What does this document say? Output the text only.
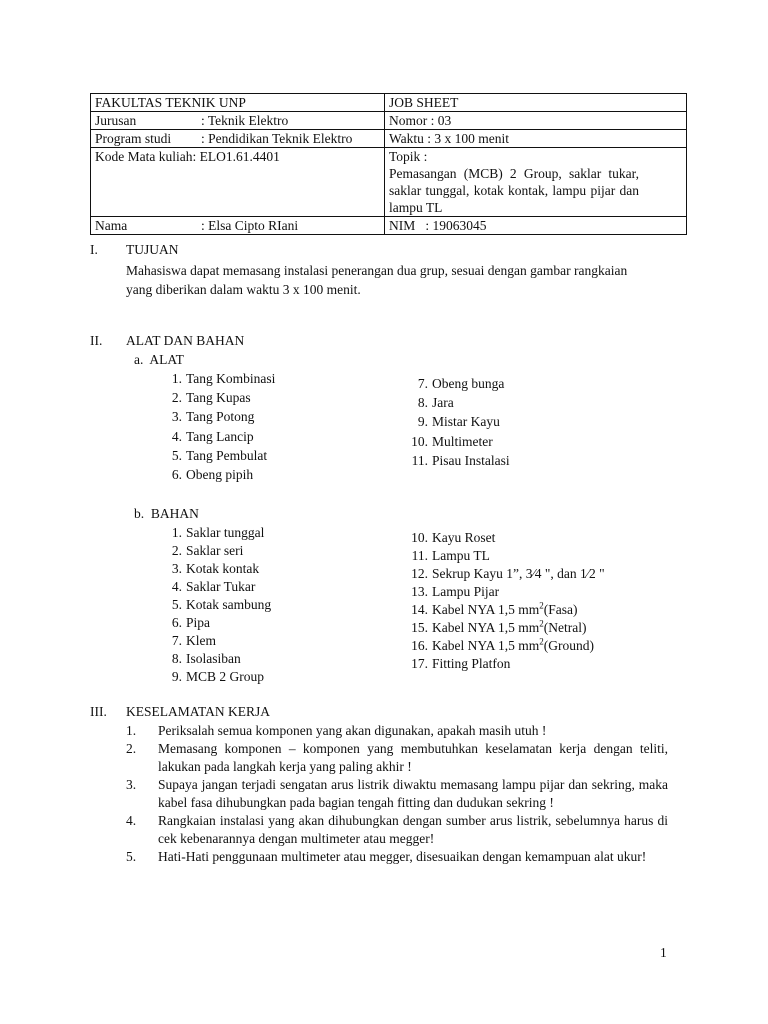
FAKULTAS TEKNIK UNP	JOB SHEET
Jurusan : Teknik Elektro	Nomor : 03
Program studi : Pendidikan Teknik Elektro	Waktu : 3 x 100 menit
Kode Mata kuliah: ELO1.61.4401	Topik :Pemasangan (MCB) 2 Group, saklar tukar, saklar tunggal, kotak kontak, lampu pijar dan lampu TL
Nama : Elsa Cipto RIani	NIM   : 19063045
I.	TUJUAN
Mahasiswa dapat memasang instalasi penerangan dua grup, sesuai dengan gambar rangkaian yang diberikan dalam waktu 3 x 100 menit.
II.	ALAT DAN BAHAN
a.  ALAT
1. Tang Kombinasi
2. Tang Kupas
3. Tang Potong
4. Tang Lancip
5. Tang Pembulat
6. Obeng pipih
7. Obeng bunga
8. Jara
9. Mistar Kayu
10. Multimeter
11. Pisau Instalasi
b.  BAHAN
1. Saklar tunggal
2. Saklar seri
3. Kotak kontak
4. Saklar Tukar
5. Kotak sambung
6. Pipa
7. Klem
8. Isolasiban
9. MCB 2 Group
10. Kayu Roset
11. Lampu TL
12. Sekrup Kayu 1”, 3⁄4 ", dan 1⁄2 "
13. Lampu Pijar
14. Kabel NYA 1,5 $mm^2(Fasa)$
15. Kabel NYA 1,5 $mm^2(Netral)$
16. Kabel NYA 1,5 $mm^2(Ground)$
17. Fitting Platfon
III.	KESELAMATAN KERJA
1. Periksalah semua komponen yang akan digunakan, apakah masih utuh !
2. Memasang komponen – komponen yang membutuhkan keselamatan kerja dengan teliti, lakukan pada langkah kerja yang paling akhir !
3. Supaya jangan terjadi sengatan arus listrik diwaktu memasang lampu pijar dan sekring, maka kabel fasa dihubungkan pada bagian tengah fitting dan dudukan sekring !
4. Rangkaian instalasi yang akan dihubungkan dengan sumber arus listrik, sebelumnya harus di cek kebenarannya dengan multimeter atau megger!
5. Hati-Hati penggunaan multimeter atau megger, disesuaikan dengan kemampuan alat ukur!
1
